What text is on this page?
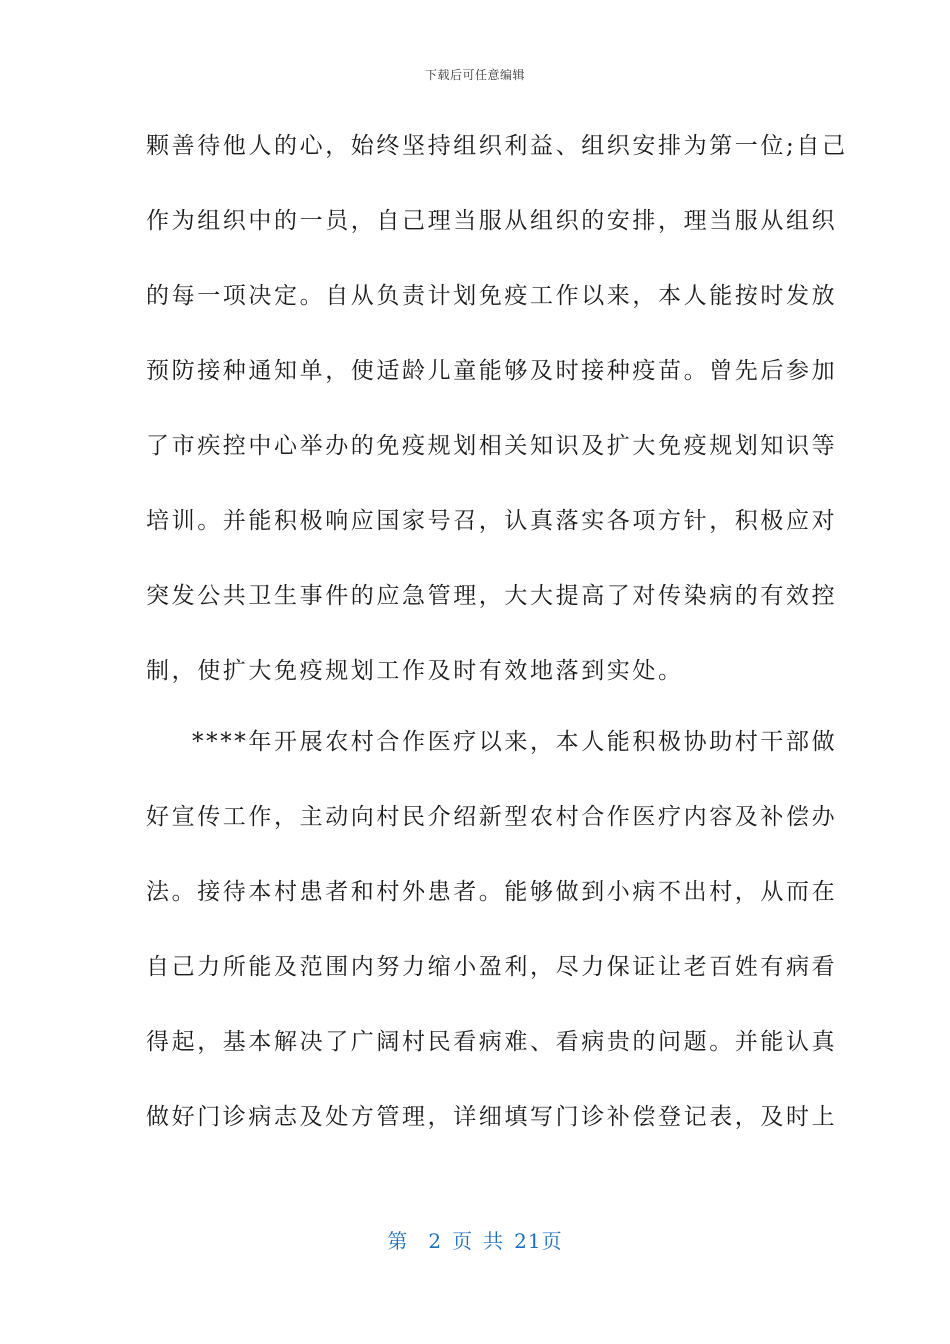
下载后可任意编辑
颗善待他人的心，始终坚持组织利益、组织安排为第一位;自己
作为组织中的一员，自己理当服从组织的安排，理当服从组织
的每一项决定。自从负责计划免疫工作以来，本人能按时发放
预防接种通知单，使适龄儿童能够及时接种疫苗。曾先后参加
了市疾控中心举办的免疫规划相关知识及扩大免疫规划知识等
培训。并能积极响应国家号召，认真落实各项方针，积极应对
突发公共卫生事件的应急管理，大大提高了对传染病的有效控
制，使扩大免疫规划工作及时有效地落到实处。
****年开展农村合作医疗以来，本人能积极协助村干部做
好宣传工作，主动向村民介绍新型农村合作医疗内容及补偿办
法。接待本村患者和村外患者。能够做到小病不出村，从而在
自己力所能及范围内努力缩小盈利，尽力保证让老百姓有病看
得起，基本解决了广阔村民看病难、看病贵的问题。并能认真
做好门诊病志及处方管理，详细填写门诊补偿登记表，及时上
第 2 页 共 21页
